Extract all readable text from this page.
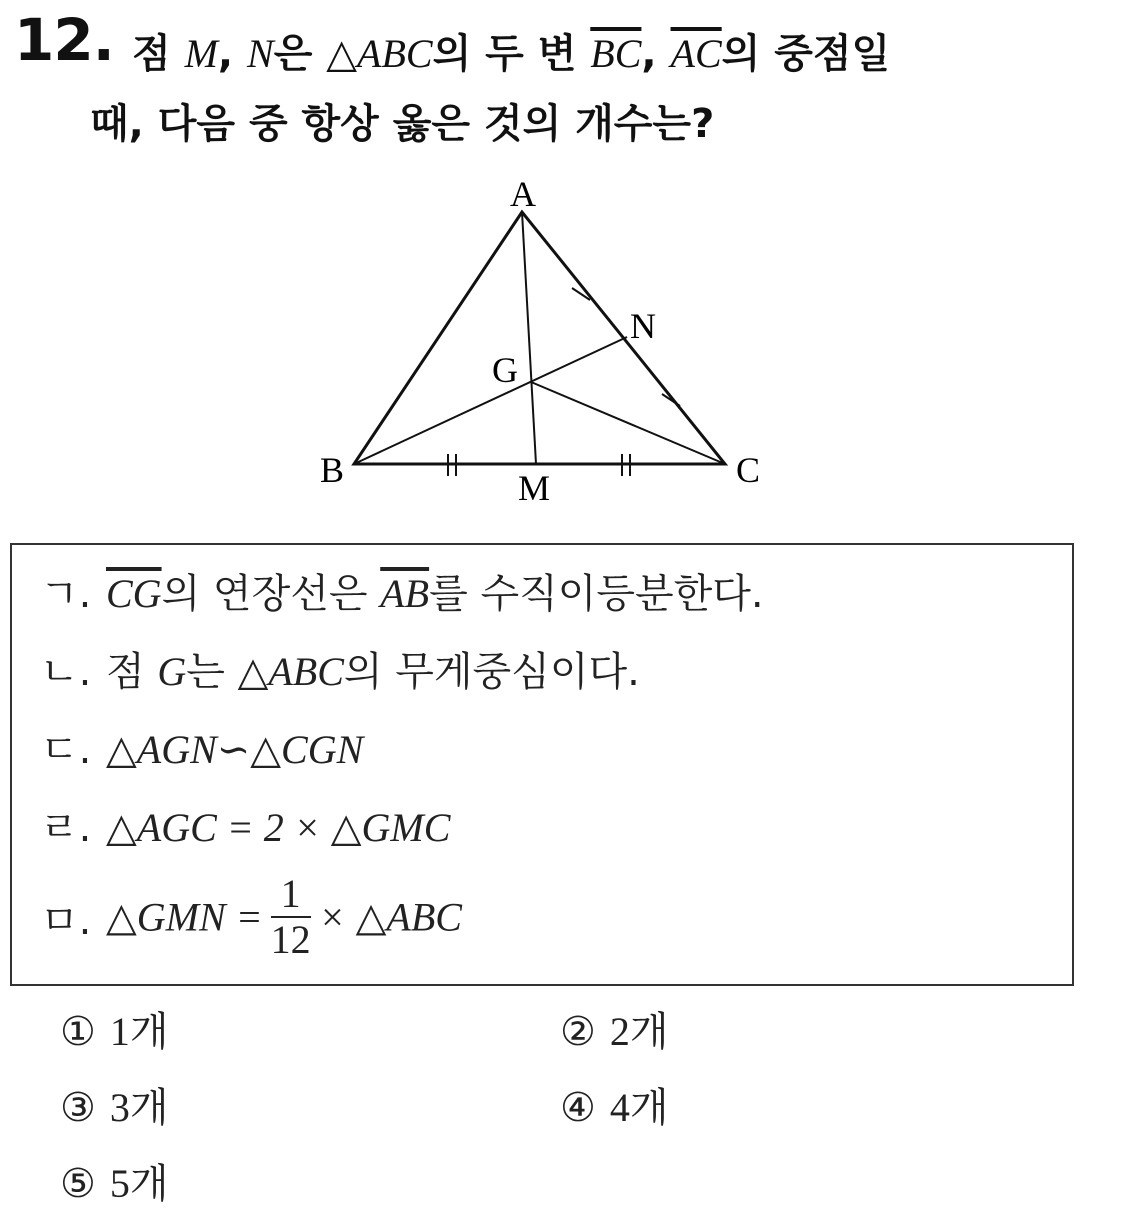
12. 점 M, N은 △ABC의 두 변 $\overline{BC}$, $\overline{AC}$의 중점일
때, 다음 중 항상 옳은 것의 개수는?
A
B	C
G
M
N
ㄱ. $\overline{CG}$의 연장선은 $\overline{AB}$를 수직이등분한다.
ㄴ. 점 G는 △ABC의 무게중심이다.
ㄷ. △AGN∽△CGN
ㄹ. △AGC = 2 × △GMC
ㅁ. △GMN = $\frac{1}{12}$ × △ABC
① 1개	② 2개
③ 3개	④ 4개
⑤ 5개
